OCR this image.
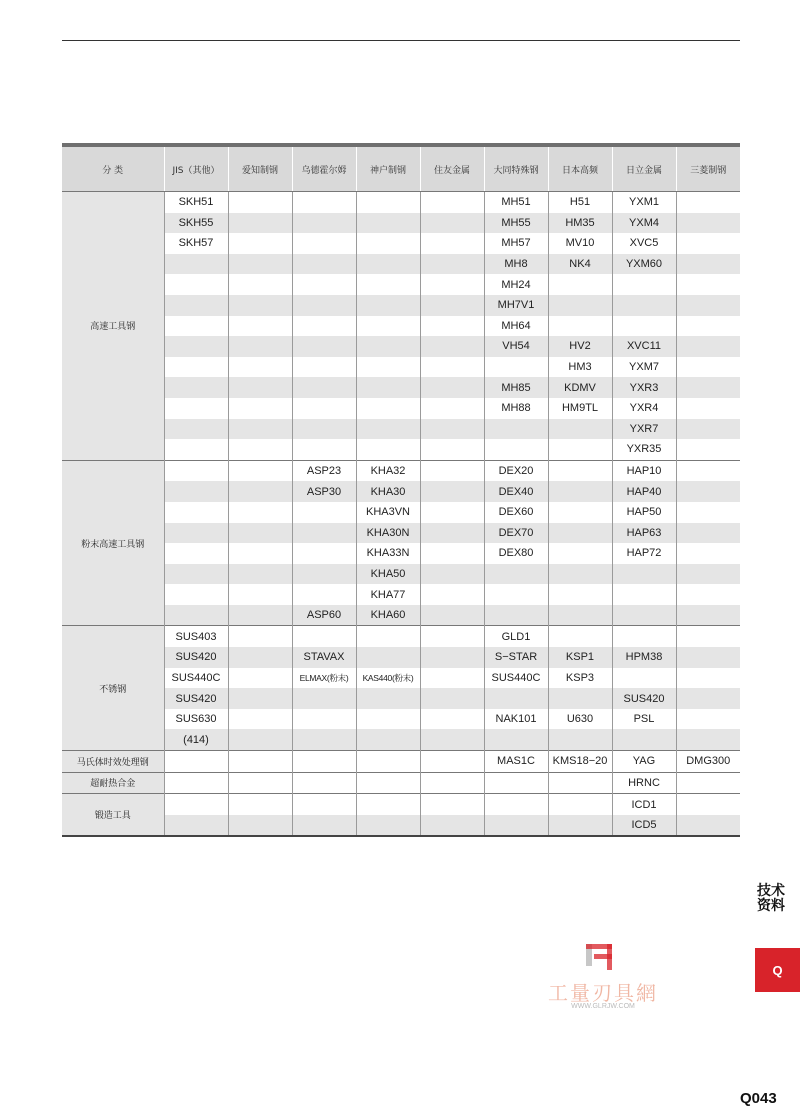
分 类	JIS（其他）	爱知制钢	乌德霍尔姆	神户制钢	住友金属	大同特殊钢	日本高频	日立金属	三菱制钢
高速工具钢	SKH51					MH51	H51	YXM1	
	SKH55					MH55	HM35	YXM4	
	SKH57					MH57	MV10	XVC5	
						MH8	NK4	YXM60	
						MH24			
						MH7V1			
						MH64			
						VH54	HV2	XVC11	
							HM3	YXM7	
						MH85	KDMV	YXR3	
						MH88	HM9TL	YXR4	
								YXR7	
								YXR35	
粉末高速工具钢			ASP23	KHA32		DEX20		HAP10	
			ASP30	KHA30		DEX40		HAP40	
				KHA3VN		DEX60		HAP50	
				KHA30N		DEX70		HAP63	
				KHA33N		DEX80		HAP72	
				KHA50					
				KHA77					
			ASP60	KHA60					
不锈钢	SUS403					GLD1			
	SUS420		STAVAX			S−STAR	KSP1	HPM38	
	SUS440C		ELMAX(粉末)	KAS440(粉末)		SUS440C	KSP3		
	SUS420							SUS420	
	SUS630					NAK101	U630	PSL	
	(414)								
马氏体时效处理钢						MAS1C	KMS18−20	YAG	DMG300
超耐热合金								HRNC	
锻造工具								ICD1	
								ICD5	
技术资料
Q
Q043
工量刃具網
WWW.GLRJW.COM
